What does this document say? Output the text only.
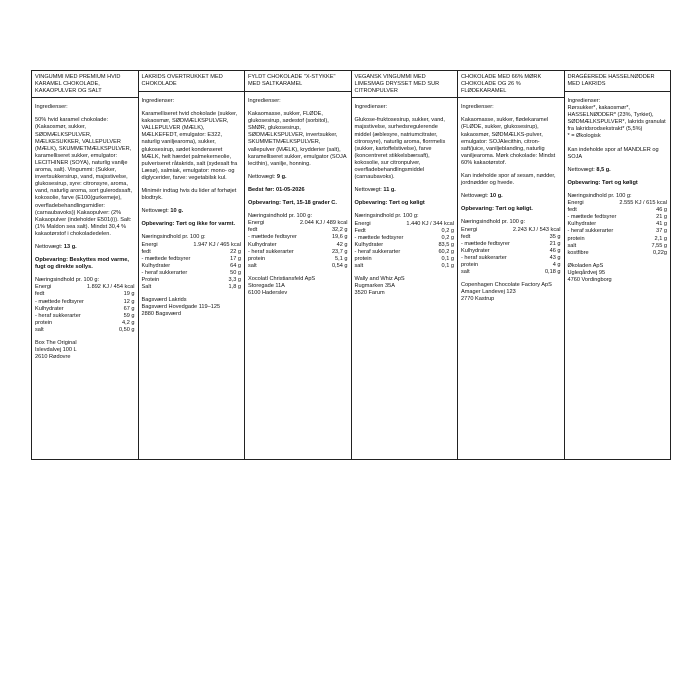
VINGUMMI MED PREMIUM HVID KARAMEL CHOKOLADE, KAKAOPULVER OG SALT

Ingredienser:

50% hvid karamel chokolade: (Kakaosmør, sukker, SØDMÆLKSPULVER, MÆLKESUKKER, VALLEPULVER (MÆLK), SKUMMETMÆLKSPULVER, karamelliseret sukker, emulgator: LECITHINER (SOYA), naturlig vanilje aroma, salt). Vingummi: (Sukker, invertsukkersirup, vand, majsstivelse, glukosesirup, syre: citronsyre, aroma, vand, naturlig aroma, sort gulerodssaft, kokosolie, farve (E100(gurkemeje), overfladebehandlingsmidler: (carnaubavoks)) Kakaopulver: (2% Kakaopulver (indeholder E501(i)). Salt: (1% Maldon sea salt). Mindst 30,4 % kakaotørstof i chokoladedelen.

Nettovægt: 13 g.

Opbevaring: Beskyttes mod varme, fugt og direkte sollys.

Næringsindhold pr. 100 g:
Energi	1.892 KJ / 454 kcal
fedt	19 g
- mættede fedtsyrer	12 g
Kulhydrater	67 g
- heraf sukkerarter	59 g
protein	4,2 g
salt	0,50 g
Box The Original
Islevdalvej 100 L
2610 Rødovre
LAKRIDS OVERTRUKKET MED CHOKOLADE

Ingredienser:

Karamelliseret hvid chokolade (sukker, kakaosmør, SØDMÆLKSPULVER, VALLEPULVER (MÆLK), MÆLKEFEDT, emulgator: E322, naturlig vaniljearoma), sukker, glukosesirup, sødet kondenseret MÆLK, helt hærdet palmekerneolie, pulveriseret råtakrids, salt (sydesalt fra Læsø), salmiak, emulgator: mono- og diglycerider, farve: vegetabilsk kul.

Minimér indtag hvis du lider af forhøjet blodtryk.

Nettovægt: 10 g.

Opbevaring: Tørt og ikke for varmt.

Næringsindhold pr. 100 g:
Energi	1.947 KJ / 465 kcal
fedt	22 g
- mættede fedtsyrer	17 g
Kulhydrater	64 g
- heraf sukkerarter	50 g
Protein	3,3 g
Salt	1,8 g
Bagsværd Lakrids
Bagsværd Hovedgade 119–125
2880 Bagsværd
FYLDT CHOKOLADE "X-STYKKE" MED SALTKARAMEL

Ingredienser:

Kakaomasse, sukker, FLØDE, glukosesirup, sødestof (sorbitol), SMØR, glukosesirup, SØDMÆLKSPULVER, invertsukker, SKUMMETMÆLKSPULVER, vallepulver (MÆLK), krydderier (salt), karamelliseret sukker, emulgator (SOJA lecithin), vanilje, honning.

Nettovægt: 9 g.

Bedst før: 01-05-2026

Opbevaring: Tørt, 15-18 grader C.

Næringsindhold pr. 100 g:
Energi	2.044 KJ / 489 kcal
fedt	32,2 g
- mættede fedtsyrer	19,6 g
Kulhydrater	42 g
- heraf sukkerarter	23,7 g
protein	5,1 g
salt	0,54 g
Xocolatl Christiansfeld ApS
Storegade 11A
6100 Haderslev
VEGANSK VINGUMMI MED LIMESMAG DRYSSET MED SUR CITRONPULVER

Ingredienser:

Glukose-fruktosesirup, sukker, vand, majsstivelse, surhedsregulerende middel (æblesyre, natriumcitrater, citronsyre), naturlig aroma, florrmelis (sukker, kartoffelstivelse), farve (koncentreret stikkelsbærsaft), kokosolie, sur citronpulver, overfladebehandlingsmiddel (carnaubavoks).

Nettovægt: 11 g.

Opbevaring: Tørt og køligt

Næringsindhold pr. 100 g:
Energi	1.440 KJ / 344 kcal
Fedt	0,2 g
- mættede fedtsyrer	0,2 g
Kulhydrater	83,5 g
- heraf sukkerarter	60,2 g
protein	0,1 g
salt	0,1 g
Wally and Whiz ApS
Rugmarken 35A
3520 Farum
CHOKOLADE MED 66% MØRK CHOKOLADE OG 26 % FLØDEKARAMEL

Ingredienser:

Kakaomasse, sukker, flødekaramel (FLØDE, sukker, glukosesirup), kakaosmør, SØDMÆLKS-pulver, emulgator: SOJAlecithin, citron-saft/juice, vaniljeblanding, naturlig vaniljearoma. Mørk chokolade: Mindst 60% kakaotørstof.

Kan indeholde spor af sesam, nødder, jordnødder og hvede.

Nettovægt: 10 g.

Opbevaring: Tørt og køligt.

Næringsindhold pr. 100 g:
Energi	2.243 KJ / 543 kcal
fedt	35 g
- mættede fedtsyrer	21 g
Kulhydrater	46 g
- heraf sukkerarter	43 g
protein	4 g
salt	0,18 g
Copenhagen Chocolate Factory ApS
Amager Landevej 123
2770 Kastrup
DRAGÉEREDE HASSELNØDDER MED LAKRIDS

Ingredienser:

Rørsukker*, kakaosmør*, HASSELNØDDER* (23%, Tyrkiet), SØDMÆLKSPULVER*, lakrids granulat fra lakridsrodsekstrakt* (5,5%)

* = Økologisk

Kan indeholde spor af MANDLER og SOJA

Nettovægt: 8,5 g.

Opbevaring: Tørt og køligt

Næringsindhold pr. 100 g:
Energi	2.555 KJ / 615 kcal
fedt	46 g
- mættede fedtsyrer	21 g
Kulhydrater	41 g
- heraf sukkerarter	37 g
protein	2,1 g
salt	7,55 g
kostfibre	0,22g
Økoladen ApS
Ugleqårdvej 95
4760 Vordingborg
